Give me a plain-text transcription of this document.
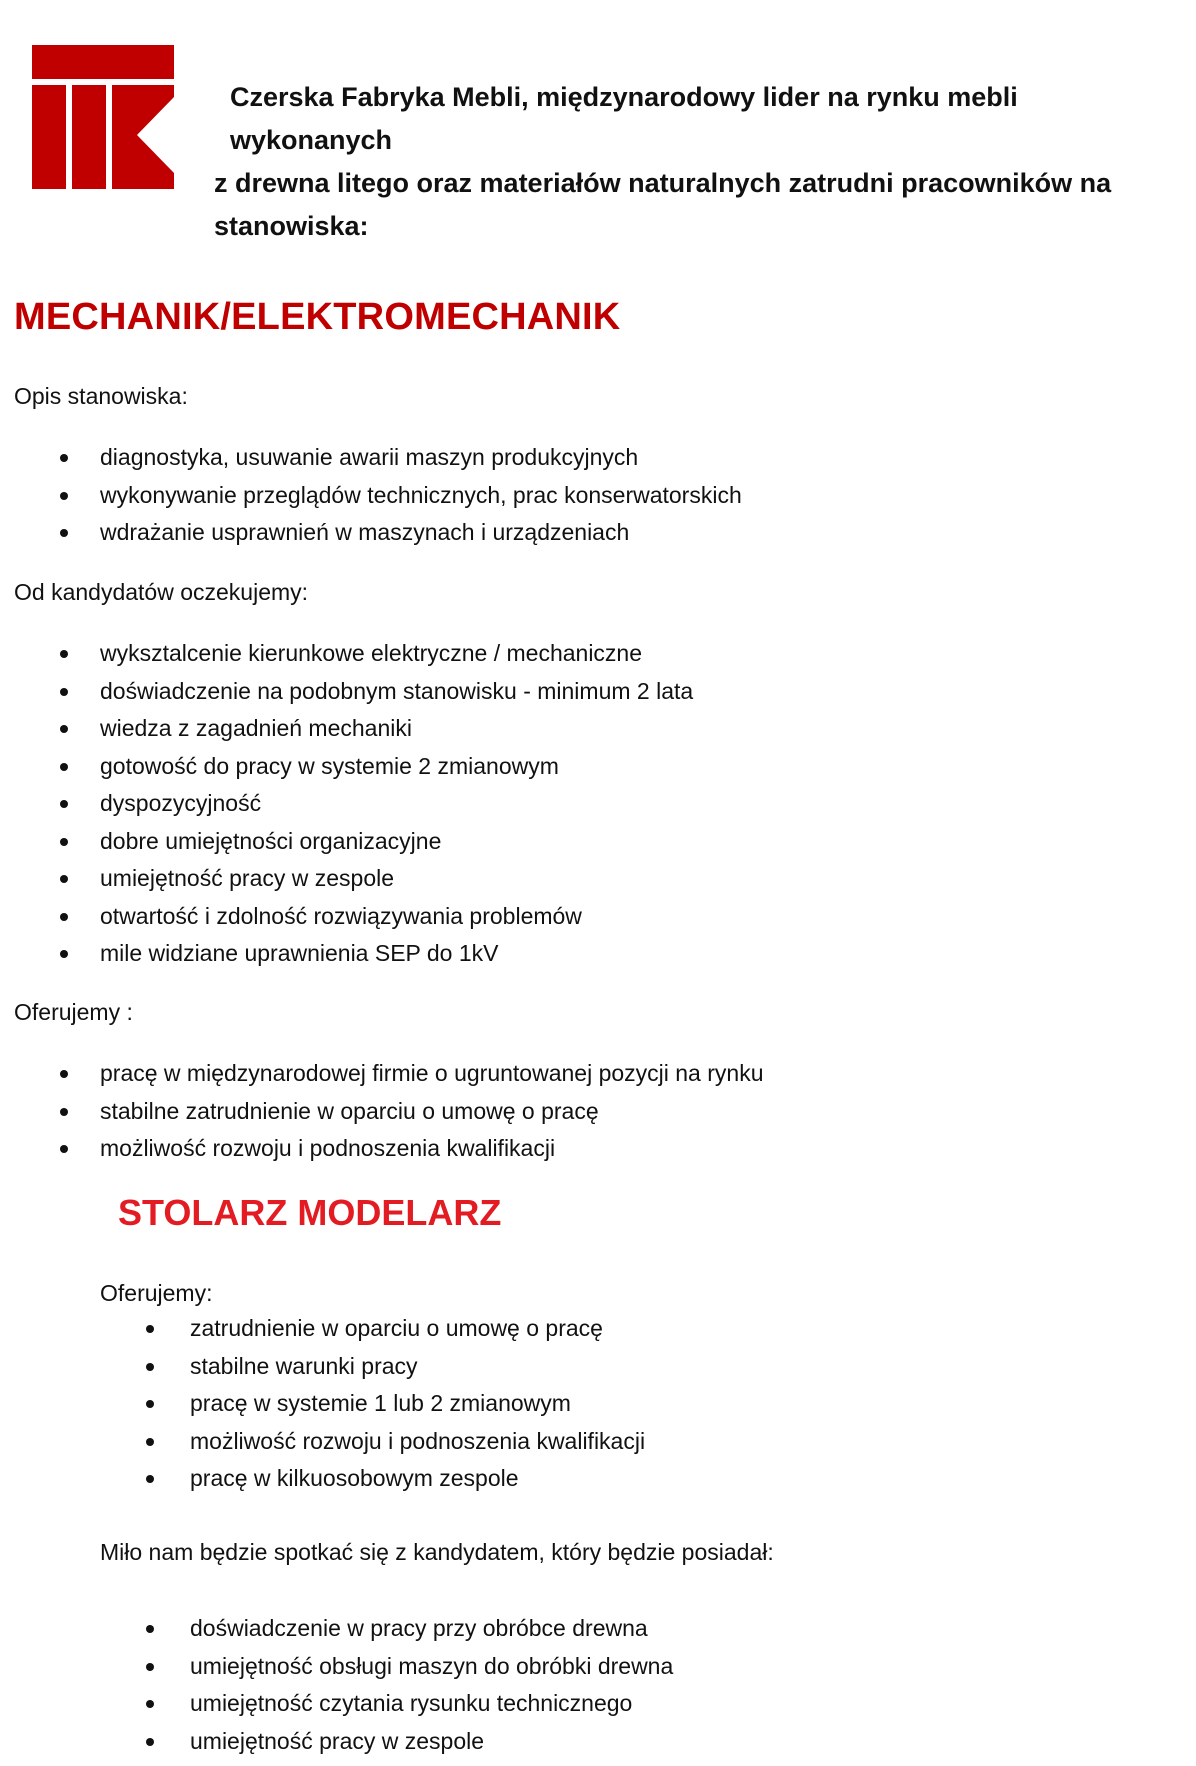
Czerska Fabryka Mebli, międzynarodowy lider na rynku mebli wykonanych
z drewna litego oraz materiałów naturalnych zatrudni pracowników na
stanowiska:
MECHANIK/ELEKTROMECHANIK
Opis stanowiska:
diagnostyka, usuwanie awarii maszyn produkcyjnych
wykonywanie przeglądów technicznych, prac konserwatorskich
wdrażanie usprawnień w maszynach i urządzeniach
Od kandydatów oczekujemy:
wyksztalcenie kierunkowe elektryczne / mechaniczne
doświadczenie na podobnym stanowisku - minimum 2 lata
wiedza z zagadnień mechaniki
gotowość do pracy w systemie 2 zmianowym
dyspozycyjność
dobre umiejętności organizacyjne
umiejętność pracy w zespole
otwartość i zdolność rozwiązywania problemów
mile widziane uprawnienia SEP do 1kV
Oferujemy :
pracę w międzynarodowej firmie o ugruntowanej pozycji na rynku
stabilne zatrudnienie w oparciu o umowę o pracę
możliwość rozwoju i podnoszenia kwalifikacji
STOLARZ MODELARZ
Oferujemy:
zatrudnienie w oparciu o umowę o pracę
stabilne warunki pracy
pracę w systemie 1 lub 2 zmianowym
możliwość rozwoju i podnoszenia kwalifikacji
pracę w kilkuosobowym zespole
Miło nam będzie spotkać się z kandydatem, który będzie posiadał:
doświadczenie w pracy przy obróbce drewna
umiejętność obsługi maszyn do obróbki drewna
umiejętność czytania rysunku technicznego
umiejętność pracy w zespole
